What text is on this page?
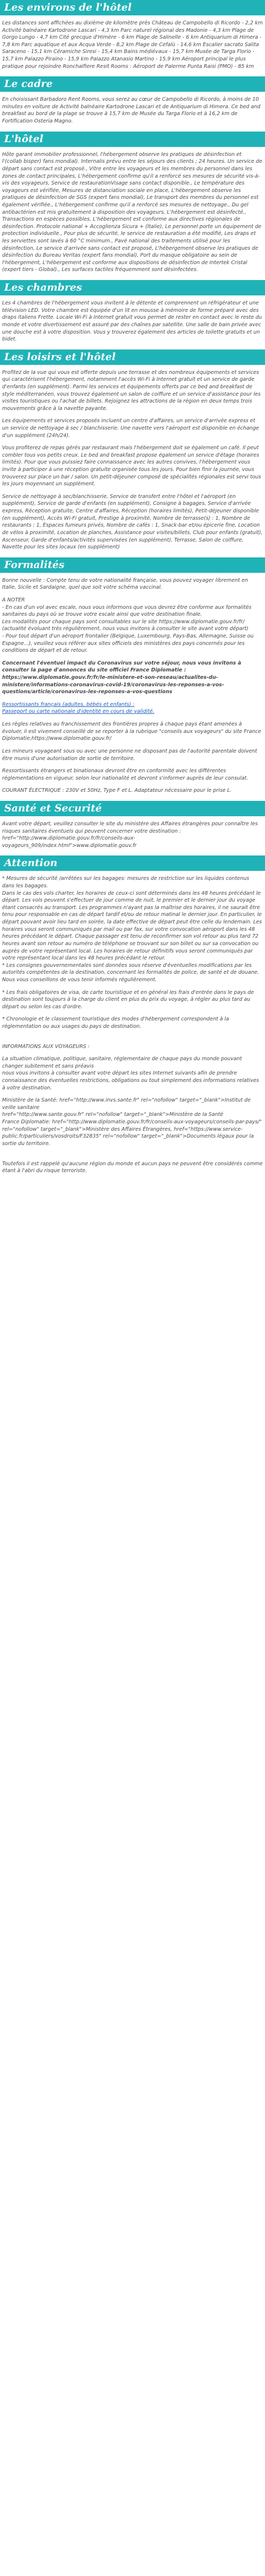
Les environs de l'hôtel

Les distances sont affichées au dixième de kilomètre près Château de Campobello di Ricordo - 2,2 km Activité balnéaire Kartodrone Lascari - 4,3 km Parc naturel régional des Madonie - 4,3 km Plage de Gorgo Lungo - 4,7 km Cité grecque d'Himère - 6 km Plage de Salinelle - 6 km Antiquarium di Himera - 7,8 km Parc aquatique et aux Acqua Verde - 8,2 km Plage de Cefalù - 14,6 km Escalier sacrato Salita Saraceno - 15,1 km Céramiche Siresi - 15,4 km Bains médiévaux - 15,7 km Musée de Targa Florio - 15,7 km Palazzo Piraino - 15,9 km Palazzo Atanasio Martino - 15,9 km Aéroport principal le plus pratique pour rejoindre Ronchalfiere Resit Rooms : Aéroport de Palerme Punta Raisi (PMO) - 85 km

Le cadre

En choisissant Barbadoro Rent Rooms, vous serez au cœur de Campobello di Ricordo, à moins de 10 minutes en voiture de Activité balnéaire Kartodrone Lascari et de Antiquarium di Himera. Ce bed and breakfast au bord de la plage se trouve à 15,7 km de Musée du Targa Florio et à 16,2 km de Fortification Osteria Magno.

L'hôtel

Hôte garant immobilier professionnel, l'hébergement observe les pratiques de désinfection et l'(collab bisper) fans mondial). Internalis prévu entre les séjours des clients ; 24 heures. Un service de départ sans contact est proposé., Vitre entre les voyageurs et les membres du personnel dans les zones de contact principales, L'hébergement confirme qu'il a renforcé ses mesures de sécurité vis-à-vis des voyageurs, Service de restaurationVisage sans contact disponible., Le température des voyageurs est vérifiée, Mesures de distanciation sociale en place, L'hébergement observe les pratiques de désinfection de SGS (expert fans mondial), Le transport des membres du personnel est également vérifiée., L'hébergement confirme qu'il a renforcé ses mesures de nettoyage., Du gel antibactérien est mis gratuitement à disposition des voyageurs, L'hébergement est désinfecté., Transactions en espèces possibles, L'hébergement est conforme aux directives régionales de désinfection. Protocole national + Accoglienza Sicura + (Italie), Le personnel porte un équipement de protection individuelle., Pour plus de sécurité, le service de restauration a été modifié, Les draps et les serviettes sont lavés à 60 °C minimum., Pavé national des traitements utilisé pour les désinfection, Le service d'arrivée sans contact est proposé, L'hébergement observe les pratiques de désinfection du Bureau Veritas (expert fans mondial), Port du masque obligatoire au sein de l'hébergement, L'hébergement est conforme aux dispositions de désinfection de Intertek Cristal (expert tiers - Global)., Les surfaces tactiles fréquemment sont désinfectées.

Les chambres

Les 4 chambres de l'hébergement vous invitent à le détente et comprennent un réfrigérateur et une télévision LED. Votre chambre est équipée d'un lit en mousse à mémoire de forme préparé avec des draps italiens Frette. Locale Wi-Fi à Internet gratuit vous permet de rester en contact avec le reste du monde et votre divertissement est assuré par des chaînes par satellite. Une salle de bain privée avec une douche est à votre disposition. Vous y trouverez également des articles de toilette gratuits et un bidet.

Les loisirs et l'hôtel

Profitez de la vue qui vous est offerte depuis une terrasse et des nombreux équipements et services qui caractérisent l'hébergement, notamment l'accès Wi-Fi à Internet gratuit et un service de garde d'enfants (en supplément). Parmi les services et équipements offerts par ce bed and breakfast de style méditerranéen, vous trouvez également un salon de coiffure et un service d'assistance pour les visites touristiques ou l'achat de billets. Rejoignez les attractions de la région en deux temps trois mouvements grâce à la navette payante.

Les équipements et services proposés incluent un centre d'affaires, un service d'arrivée express et un service de nettoyage à sec / blanchisserie. Une navette vers l'aéroport est disponible en échange d'un supplément (24h/24).

Vous profiterez de repas gérés par restaurant mais l'hébergement doit se également un café. Il peut combler tous vos petits creux. Le bed and breakfast propose également un service d'étage (horaires limités). Pour que vous puissiez faire connaissance avec les autres convives, l'hébergement vous invite à participer à une réception gratuite organisée tous les jours. Pour bien finir la journée, vous trouverez sur place un bar / salon. Un petit-déjeuner composé de spécialités régionales est servi tous les jours moyennant un supplément.

Service de nettoyage à sec/blanchisserie, Service de transfert entre l'hôtel et l'aéroport (en supplément), Service de garde d'enfants (en supplément), Consigne à bagages, Service d'arrivée express, Réception gratuite, Centre d'affaires, Réception (horaires limités), Petit-déjeuner disponible (en supplément), Accès Wi-Fi gratuit, Prestige à proximité, Nombre de terrasse(s) : 1, Nombre de restaurants : 1, Espaces fumeurs privés, Nombre de cafés : 1, Snack-bar et/ou épicerie fine, Location de vélos à proximité, Location de planches, Assistance pour visites/billets, Club pour enfants (gratuit), Ascenseur, Garde d'enfants/activités supervisées (en supplément), Terrasse, Salon de coiffure, Navette pour les sites locaux (en supplément)

Formalités

Bonne nouvelle : Compte tenu de votre nationalité française, vous pouvez voyager librement en Italie, Sicile et Sardaigne, quel que soit votre schéma vaccinal.

A NOTER
- En cas d'un vol avec escale, nous vous informons que vous devrez être conforme aux formalités sanitaires du pays où se trouve votre escale ainsi que votre destination finale.
Les modalités pour chaque pays sont consultables sur le site https://www.diplomatie.gouv.fr/fr/ (actualité évoluant très régulièrement, nous vous invitons à consulter le site avant votre départ)
- Pour tout départ d'un aéroport frontalier (Belgique, Luxembourg, Pays-Bas, Allemagne, Suisse ou Espagne...), veuillez vous référer aux sites officiels des ministères des pays concernés pour les conditions de départ et de retour.

Concernant l'éventuel impact du Coronavirus sur votre séjour, nous vous invitons à consulter la page d'annonces du site officiel France Diplomatie : https://www.diplomatie.gouv.fr/fr/le-ministere-et-son-reseau/actualites-du-ministere/informations-coronavirus-covid-19/coronavirus-les-reponses-a-vos-questions/article/coronavirus-les-reponses-a-vos-questions

Ressortissants français (adultes, bébés et enfants) :
Passeport ou carte nationale d'identité en cours de validité.

Les règles relatives au franchissement des frontières propres à chaque pays étant amenées à évoluer, il est vivement conseillé de se reporter à la rubrique "conseils aux voyageurs" du site France Diplomatie,https://www.diplomatie.gouv.fr/

Les mineurs voyageant sous ou avec une personne ne disposant pas de l'autorité parentale doivent être munis d'une autorisation de sortie de territoire.

Ressortissants étrangers et binationaux devront être en conformité avec les différentes réglementations en vigueur, selon leur nationalité et devront s'informer auprès de leur consulat.

COURANT ÉLECTRIQUE : 230V et 50Hz, Type F et L. Adaptateur nécessaire pour le prise L.

Santé et Securité

Avant votre départ, veuillez consulter le site du ministère des Affaires étrangères pour connaître les risques sanitaires éventuels qui peuvent concerner votre destination : href="http://www.diplomatie.gouv.fr/fr/conseils-aux-voyageurs_909/index.html">www.diplomatie.gouv.fr

Attention

* Mesures de sécurité /arrêtées sur les bagages: mesures de restriction sur les liquides contenus dans les bagages.
Dans le cas des vols charter, les horaires de ceux-ci sont déterminés dans les 48 heures précédant le départ. Les vols peuvent s'effectuer de jour comme de nuit, le premier et le dernier jour du voyage étant consacrés au transport. Les programmes n'ayant pas la maîtrise des horaires, il ne saurait être tenu pour responsable en cas de départ tardif et/ou de retour matinal le dernier jour. En particulier, le départ pouvant avoir lieu tard en soirée, la date effective de départ peut être celle du lendemain. Les horaires vous seront communiqués par mail ou par fax, sur votre convocation aéroport dans les 48 heures précédant le départ. Chaque passager est tenu de reconfirmer son vol retour au plus tard 72 heures avant son retour au numéro de téléphone se trouvant sur son billet ou sur sa convocation ou auprès de votre représentant local. Les horaires de retour définitifs vous seront communiqués par votre représentant local dans les 48 heures précédant le retour.
* Les consignes gouvernementales sont données sous réserve d'éventuelles modifications par les autorités compétentes de la destination, concernant les formalités de police, de santé et de douane. Nous vous conseillons de vous tenir informés régulièrement.

* Les frais obligatoires de visa, de carte touristique et en général les frais d'entrée dans le pays de destination sont toujours à la charge du client en plus du prix du voyage, à régler au plus tard au départ ou selon les cas d'ordre.

* Chronologie et le classement touristique des modes d'hébergement correspondent à la réglementation ou aux usages du pays de destination.

INFORMATIONS AUX VOYAGEURS :

La situation climatique, politique, sanitaire, réglementaire de chaque pays du monde pouvant changer subitement et sans préavis
nous vous invitons à consulter avant votre départ les sites Internet suivants afin de prendre connaissance des éventuelles restrictions, obligations ou tout simplement des informations relatives à votre destination.

Ministère de la Santé: href="http://www.invs.sante.fr" rel="nofollow" target="_blank">Institut de veille sanitaire
href="http://www.sante.gouv.fr" rel="nofollow" target="_blank">Ministère de la Santé
France Diplomatie: href="http://www.diplomatie.gouv.fr/fr/conseils-aux-voyageurs/conseils-par-pays/" rel="nofollow" target="_blank">Ministère des Affaires Étrangères, href="https://www.service-public.fr/particuliers/vosdroits/F32835" rel="nofollow" target="_blank">Documents légaux pour la sortie du territoire.

Toutefois il est rappelé qu'aucune région du monde et aucun pays ne peuvent être considérés comme étant à l'abri du risque terroriste.
